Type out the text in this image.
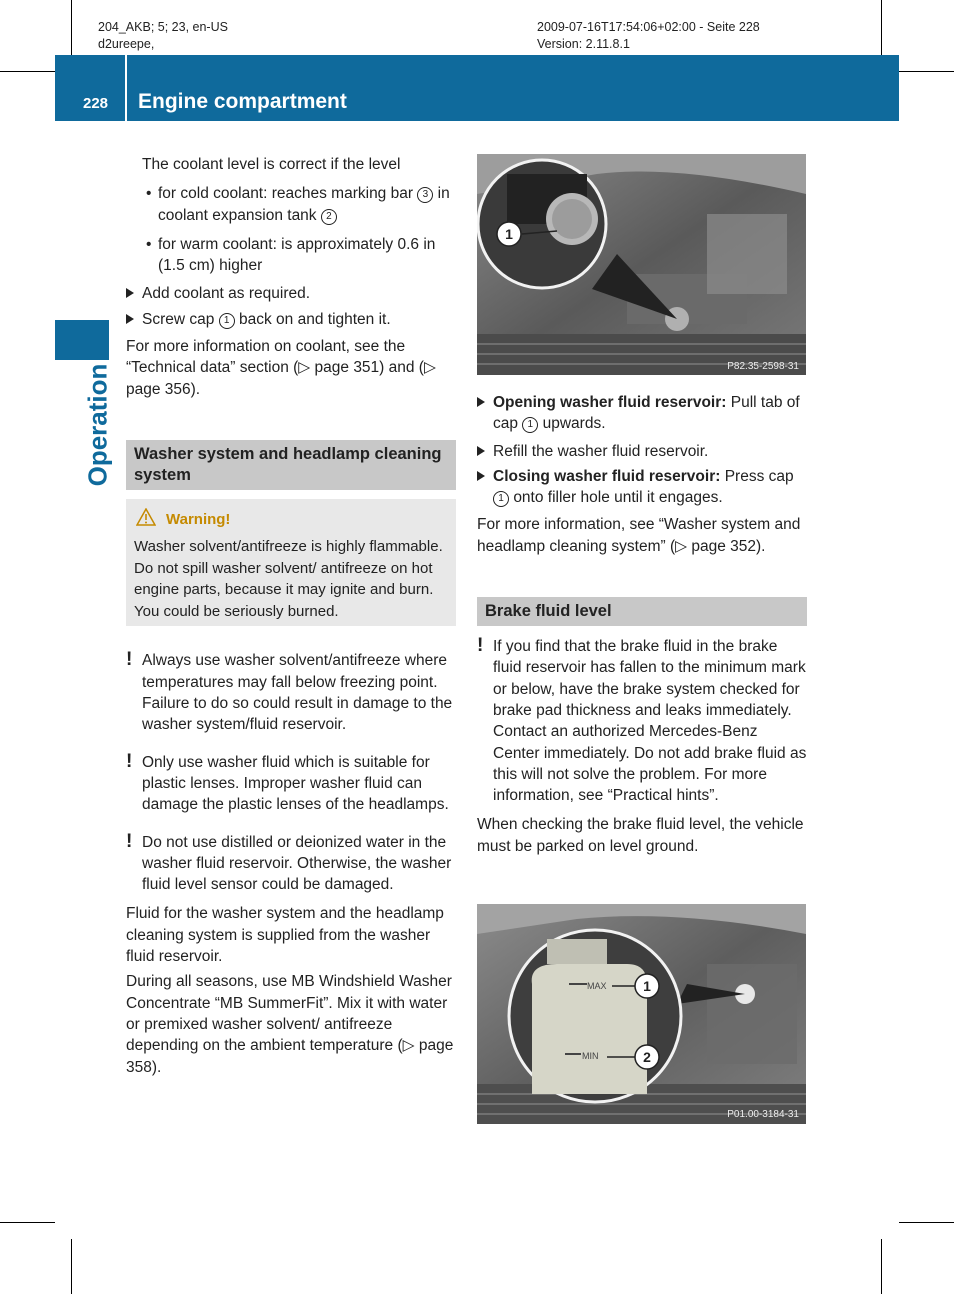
204_AKB; 5; 23, en-US
d2ureepe,
2009-07-16T17:54:06+02:00 - Seite 228
Version: 2.11.8.1
228 Engine compartment
Operation

The coolant level is correct if the level

• for cold coolant: reaches marking bar 3 in coolant expansion tank 2
• for warm coolant: is approximately 0.6 in (1.5 cm) higher
Add coolant as required.
Screw cap 1 back on and tighten it.

For more information on coolant, see the “Technical data” section (▷ page 351) and (▷ page 356).

Washer system and headlamp cleaning system
Warning!

Washer solvent/antifreeze is highly flammable. Do not spill washer solvent/ antifreeze on hot engine parts, because it may ignite and burn. You could be seriously burned.

! Always use washer solvent/antifreeze where temperatures may fall below freezing point. Failure to do so could result in damage to the washer system/fluid reservoir.
! Only use washer fluid which is suitable for plastic lenses. Improper washer fluid can damage the plastic lenses of the headlamps.
! Do not use distilled or deionized water in the washer fluid reservoir. Otherwise, the washer fluid level sensor could be damaged.

Fluid for the washer system and the headlamp cleaning system is supplied from the washer fluid reservoir.

During all seasons, use MB Windshield Washer Concentrate “MB SummerFit”. Mix it with water or premixed washer solvent/ antifreeze depending on the ambient temperature (▷ page 358).

1
P82.35-2598-31
Opening washer fluid reservoir: Pull tab of cap 1 upwards.
Refill the washer fluid reservoir.
Closing washer fluid reservoir: Press cap 1 onto filler hole until it engages.

For more information, see “Washer system and headlamp cleaning system” (▷ page 352).

Brake fluid level
! If you find that the brake fluid in the brake fluid reservoir has fallen to the minimum mark or below, have the brake system checked for brake pad thickness and leaks immediately. Contact an authorized Mercedes-Benz Center immediately. Do not add brake fluid as this will not solve the problem. For more information, see “Practical hints”.

When checking the brake fluid level, the vehicle must be parked on level ground.

MAX
MIN
1
2
P01.00-3184-31
